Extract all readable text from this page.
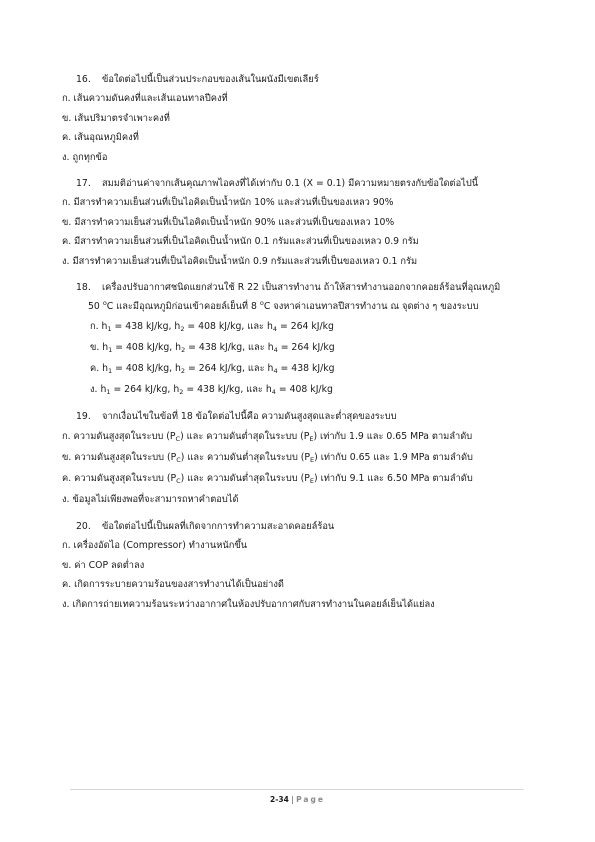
16.	ข้อใดต่อไปนี้เป็นส่วนประกอบของเส้นในผนังมีเขตเลียร์

ก. เส้นความดันคงที่และเส้นเอนทาลปีคงที่

ข. เส้นปริมาตรจำเพาะคงที่

ค. เส้นอุณหภูมิคงที่

ง. ถูกทุกข้อ

17.	สมมติอ่านค่าจากเส้นคุณภาพไอคงที่ได้เท่ากับ 0.1 (X = 0.1) มีความหมายตรงกับข้อใดต่อไปนี้

ก. มีสารทำความเย็นส่วนที่เป็นไอคิดเป็นน้ำหนัก 10% และส่วนที่เป็นของเหลว 90%

ข. มีสารทำความเย็นส่วนที่เป็นไอคิดเป็นน้ำหนัก 90% และส่วนที่เป็นของเหลว 10%

ค. มีสารทำความเย็นส่วนที่เป็นไอคิดเป็นน้ำหนัก 0.1 กรัมและส่วนที่เป็นของเหลว 0.9 กรัม

ง. มีสารทำความเย็นส่วนที่เป็นไอคิดเป็นน้ำหนัก 0.9 กรัมและส่วนที่เป็นของเหลว 0.1 กรัม

18.	เครื่องปรับอากาศชนิดแยกส่วนใช้ R 22 เป็นสารทำงาน ถ้าให้สารทำงานออกจากคอยล์ร้อนที่อุณหภูมิ
50 $^o$C และมีอุณหภูมิก่อนเข้าคอยล์เย็นที่ 8 $^o$C จงหาค่าเอนทาลปีสารทำงาน ณ จุดต่าง ๆ ของระบบ

ก. $h_1 = 438$ kJ/kg, $h_2 = 408$ kJ/kg, และ $h_4 = 264$ kJ/kg

ข. $h_1 = 408$ kJ/kg, $h_2 = 438$ kJ/kg, และ $h_4 = 264$ kJ/kg

ค. $h_1 = 408$ kJ/kg, $h_2 = 264$ kJ/kg, และ $h_4 = 438$ kJ/kg

ง. $h_1 = 264$ kJ/kg, $h_2 = 438$ kJ/kg, และ $h_4 = 408$ kJ/kg

19.	จากเงื่อนไขในข้อที่ 18 ข้อใดต่อไปนี้คือ ความดันสูงสุดและต่ำสุดของระบบ

ก. ความดันสูงสุดในระบบ $(P_C)$ และ ความดันต่ำสุดในระบบ $(P_E)$ เท่ากับ 1.9 และ 0.65 MPa ตามลำดับ

ข. ความดันสูงสุดในระบบ $(P_C)$ และ ความดันต่ำสุดในระบบ $(P_E)$ เท่ากับ 0.65 และ 1.9 MPa ตามลำดับ

ค. ความดันสูงสุดในระบบ $(P_C)$ และ ความดันต่ำสุดในระบบ $(P_E)$ เท่ากับ 9.1 และ 6.50 MPa ตามลำดับ

ง. ข้อมูลไม่เพียงพอที่จะสามารถหาคำตอบได้

20.	ข้อใดต่อไปนี้เป็นผลที่เกิดจากการทำความสะอาดคอยล์ร้อน

ก. เครื่องอัดไอ (Compressor) ทำงานหนักขึ้น

ข. ค่า COP ลดต่ำลง

ค. เกิดการระบายความร้อนของสารทำงานได้เป็นอย่างดี

ง. เกิดการถ่ายเทความร้อนระหว่างอากาศในห้องปรับอากาศกับสารทำงานในคอยล์เย็นได้แย่ลง

2-34 | Page
